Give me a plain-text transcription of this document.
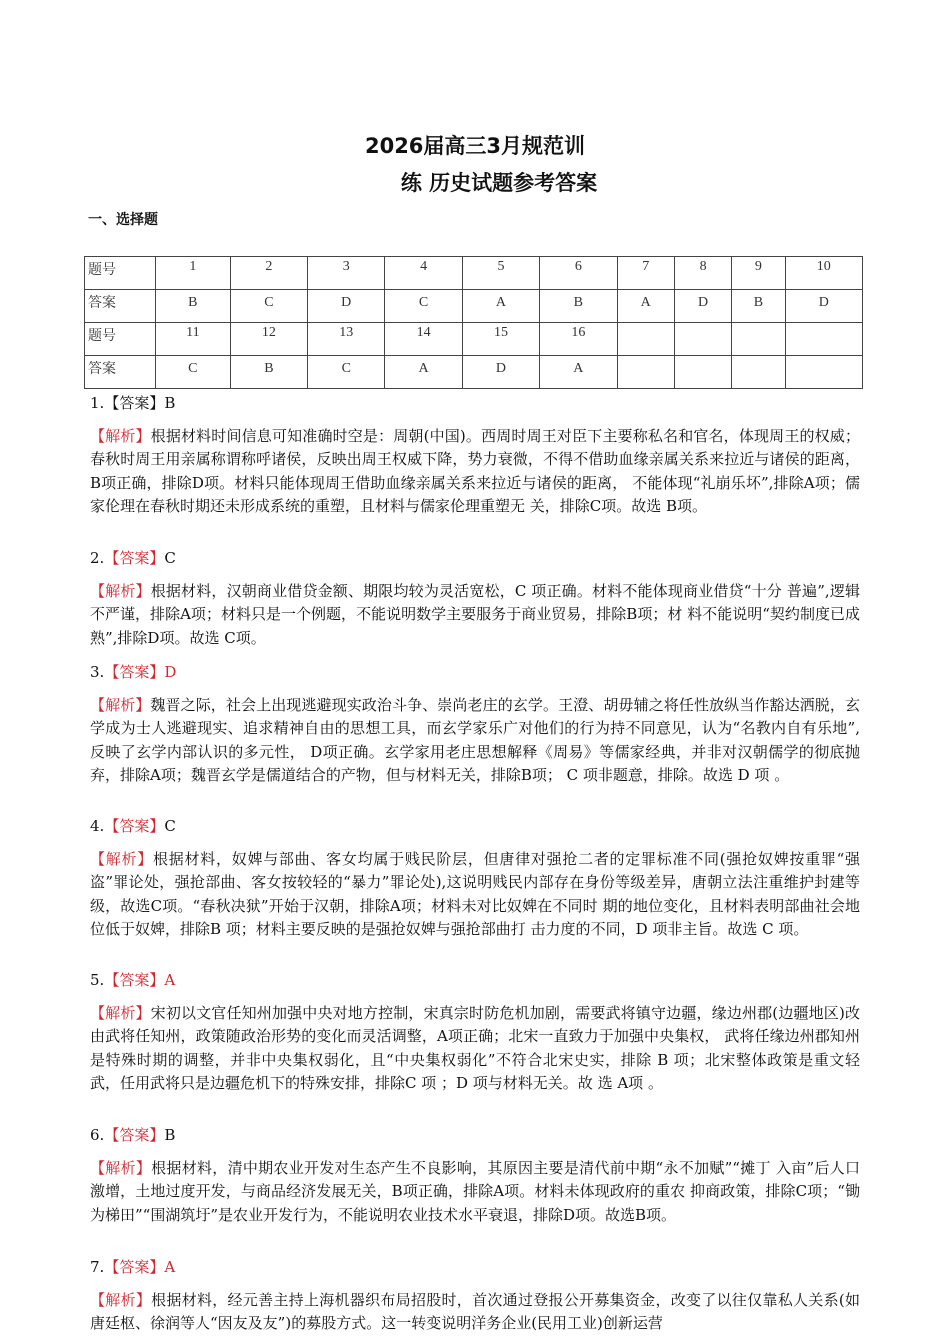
2026届高三3月规范训
练 历史试题参考答案
一、选择题
题号	1	2	3	4	5	6	7	8	9	10
答案	B	C	D	C	A	B	A	D	B	D
题号	11	12	13	14	15	16				
答案	C	B	C	A	D	A				
1.【答案】B
【解析】根据材料时间信息可知准确时空是：周朝(中国)。西周时周王对臣下主要称私名和官名，体现周王的权威；春秋时周王用亲属称谓称呼诸侯，反映出周王权威下降，势力衰微，不得不借助血缘亲属关系来拉近与诸侯的距离，B项正确，排除D项。材料只能体现周王借助血缘亲属关系来拉近与诸侯的距离， 不能体现“礼崩乐坏”,排除A项；儒家伦理在春秋时期还未形成系统的重塑，且材料与儒家伦理重塑无 关，排除C项。故选 B项。
2.【答案】C
【解析】根据材料，汉朝商业借贷金额、期限均较为灵活宽松，C 项正确。材料不能体现商业借贷“十分 普遍”,逻辑不严谨，排除A项；材料只是一个例题，不能说明数学主要服务于商业贸易，排除B项；材 料不能说明“契约制度已成熟”,排除D项。故选 C项。
3.【答案】D
【解析】魏晋之际，社会上出现逃避现实政治斗争、崇尚老庄的玄学。王澄、胡毋辅之将任性放纵当作豁达洒脱，玄学成为士人逃避现实、追求精神自由的思想工具，而玄学家乐广对他们的行为持不同意见，认为“名教内自有乐地”,反映了玄学内部认识的多元性， D项正确。玄学家用老庄思想解释《周易》等儒家经典，并非对汉朝儒学的彻底抛弃，排除A项；魏晋玄学是儒道结合的产物，但与材料无关，排除B项； C 项非题意，排除。故选 D 项 。
4.【答案】C
【解析】根据材料，奴婢与部曲、客女均属于贱民阶层，但唐律对强抢二者的定罪标准不同(强抢奴婢按重罪“强盗”罪论处，强抢部曲、客女按较轻的“暴力”罪论处),这说明贱民内部存在身份等级差异，唐朝立法注重维护封建等级，故选C项。“春秋决狱”开始于汉朝，排除A项；材料未对比奴婢在不同时 期的地位变化，且材料表明部曲社会地位低于奴婢，排除B 项；材料主要反映的是强抢奴婢与强抢部曲打 击力度的不同，D 项非主旨。故选 C 项。
5.【答案】A
【解析】宋初以文官任知州加强中央对地方控制，宋真宗时防危机加剧，需要武将镇守边疆，缘边州郡(边疆地区)改由武将任知州，政策随政治形势的变化而灵活调整，A项正确；北宋一直致力于加强中央集权， 武将任缘边州郡知州是特殊时期的调整，并非中央集权弱化，且“中央集权弱化”不符合北宋史实，排除 B 项；北宋整体政策是重文轻武，任用武将只是边疆危机下的特殊安排，排除C 项 ；D 项与材料无关。故 选 A项 。
6.【答案】B
【解析】根据材料，清中期农业开发对生态产生不良影响，其原因主要是清代前中期“永不加赋”“摊丁 入亩”后人口激增，土地过度开发，与商品经济发展无关，B项正确，排除A项。材料未体现政府的重农 抑商政策，排除C项；“锄为梯田”“围湖筑圩”是农业开发行为，不能说明农业技术水平衰退，排除D项。故选B项。
7.【答案】A
【解析】根据材料，经元善主持上海机器织布局招股时，首次通过登报公开募集资金，改变了以往仅靠私人关系(如唐廷枢、徐润等人“因友及友”)的募股方式。这一转变说明洋务企业(民用工业)创新运营
